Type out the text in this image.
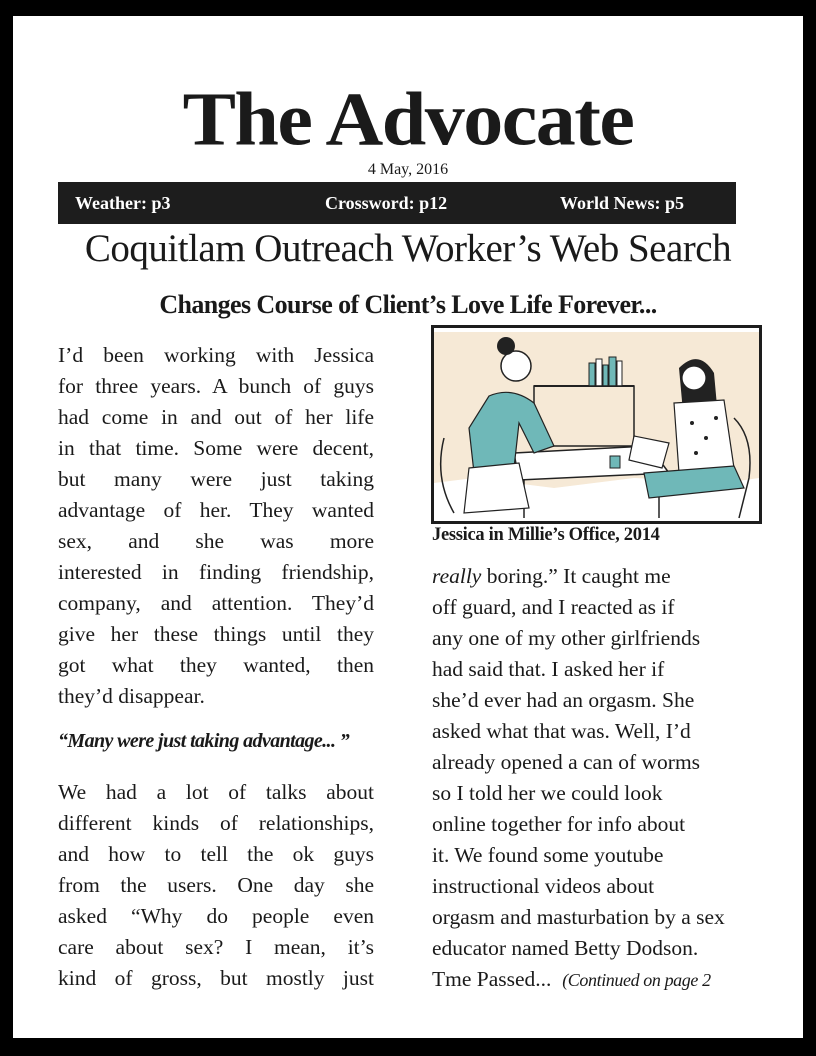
The Advocate
4 May, 2016
Weather: p3	Crossword: p12	World News: p5
Coquitlam Outreach Worker’s Web Search
Changes Course of Client’s Love Life Forever...

I’d been working with Jessica
for three years. A bunch of guys
had come in and out of her life
in that time. Some were decent,
but many were just taking
advantage of her. They wanted
sex, and she was more
interested in finding friendship,
company, and attention. They’d
give her these things until they
got what they wanted, then
they’d disappear.

“Many were just taking advantage... ”

We had a lot of talks about
different kinds of relationships,
and how to tell the ok guys
from the users. One day she
asked “Why do people even
care about sex? I mean, it’s
kind of gross, but mostly just

Jessica in Millie’s Office, 2014

really boring.” It caught me
off guard, and I reacted as if
any one of my other girlfriends
had said that. I asked her if
she’d ever had an orgasm. She
asked what that was. Well, I’d
already opened a can of worms
so I told her we could look
online together for info about
it. We found some youtube
instructional videos about
orgasm and masturbation by a sex
educator named Betty Dodson.
Tme Passed... (Continued on page 2
